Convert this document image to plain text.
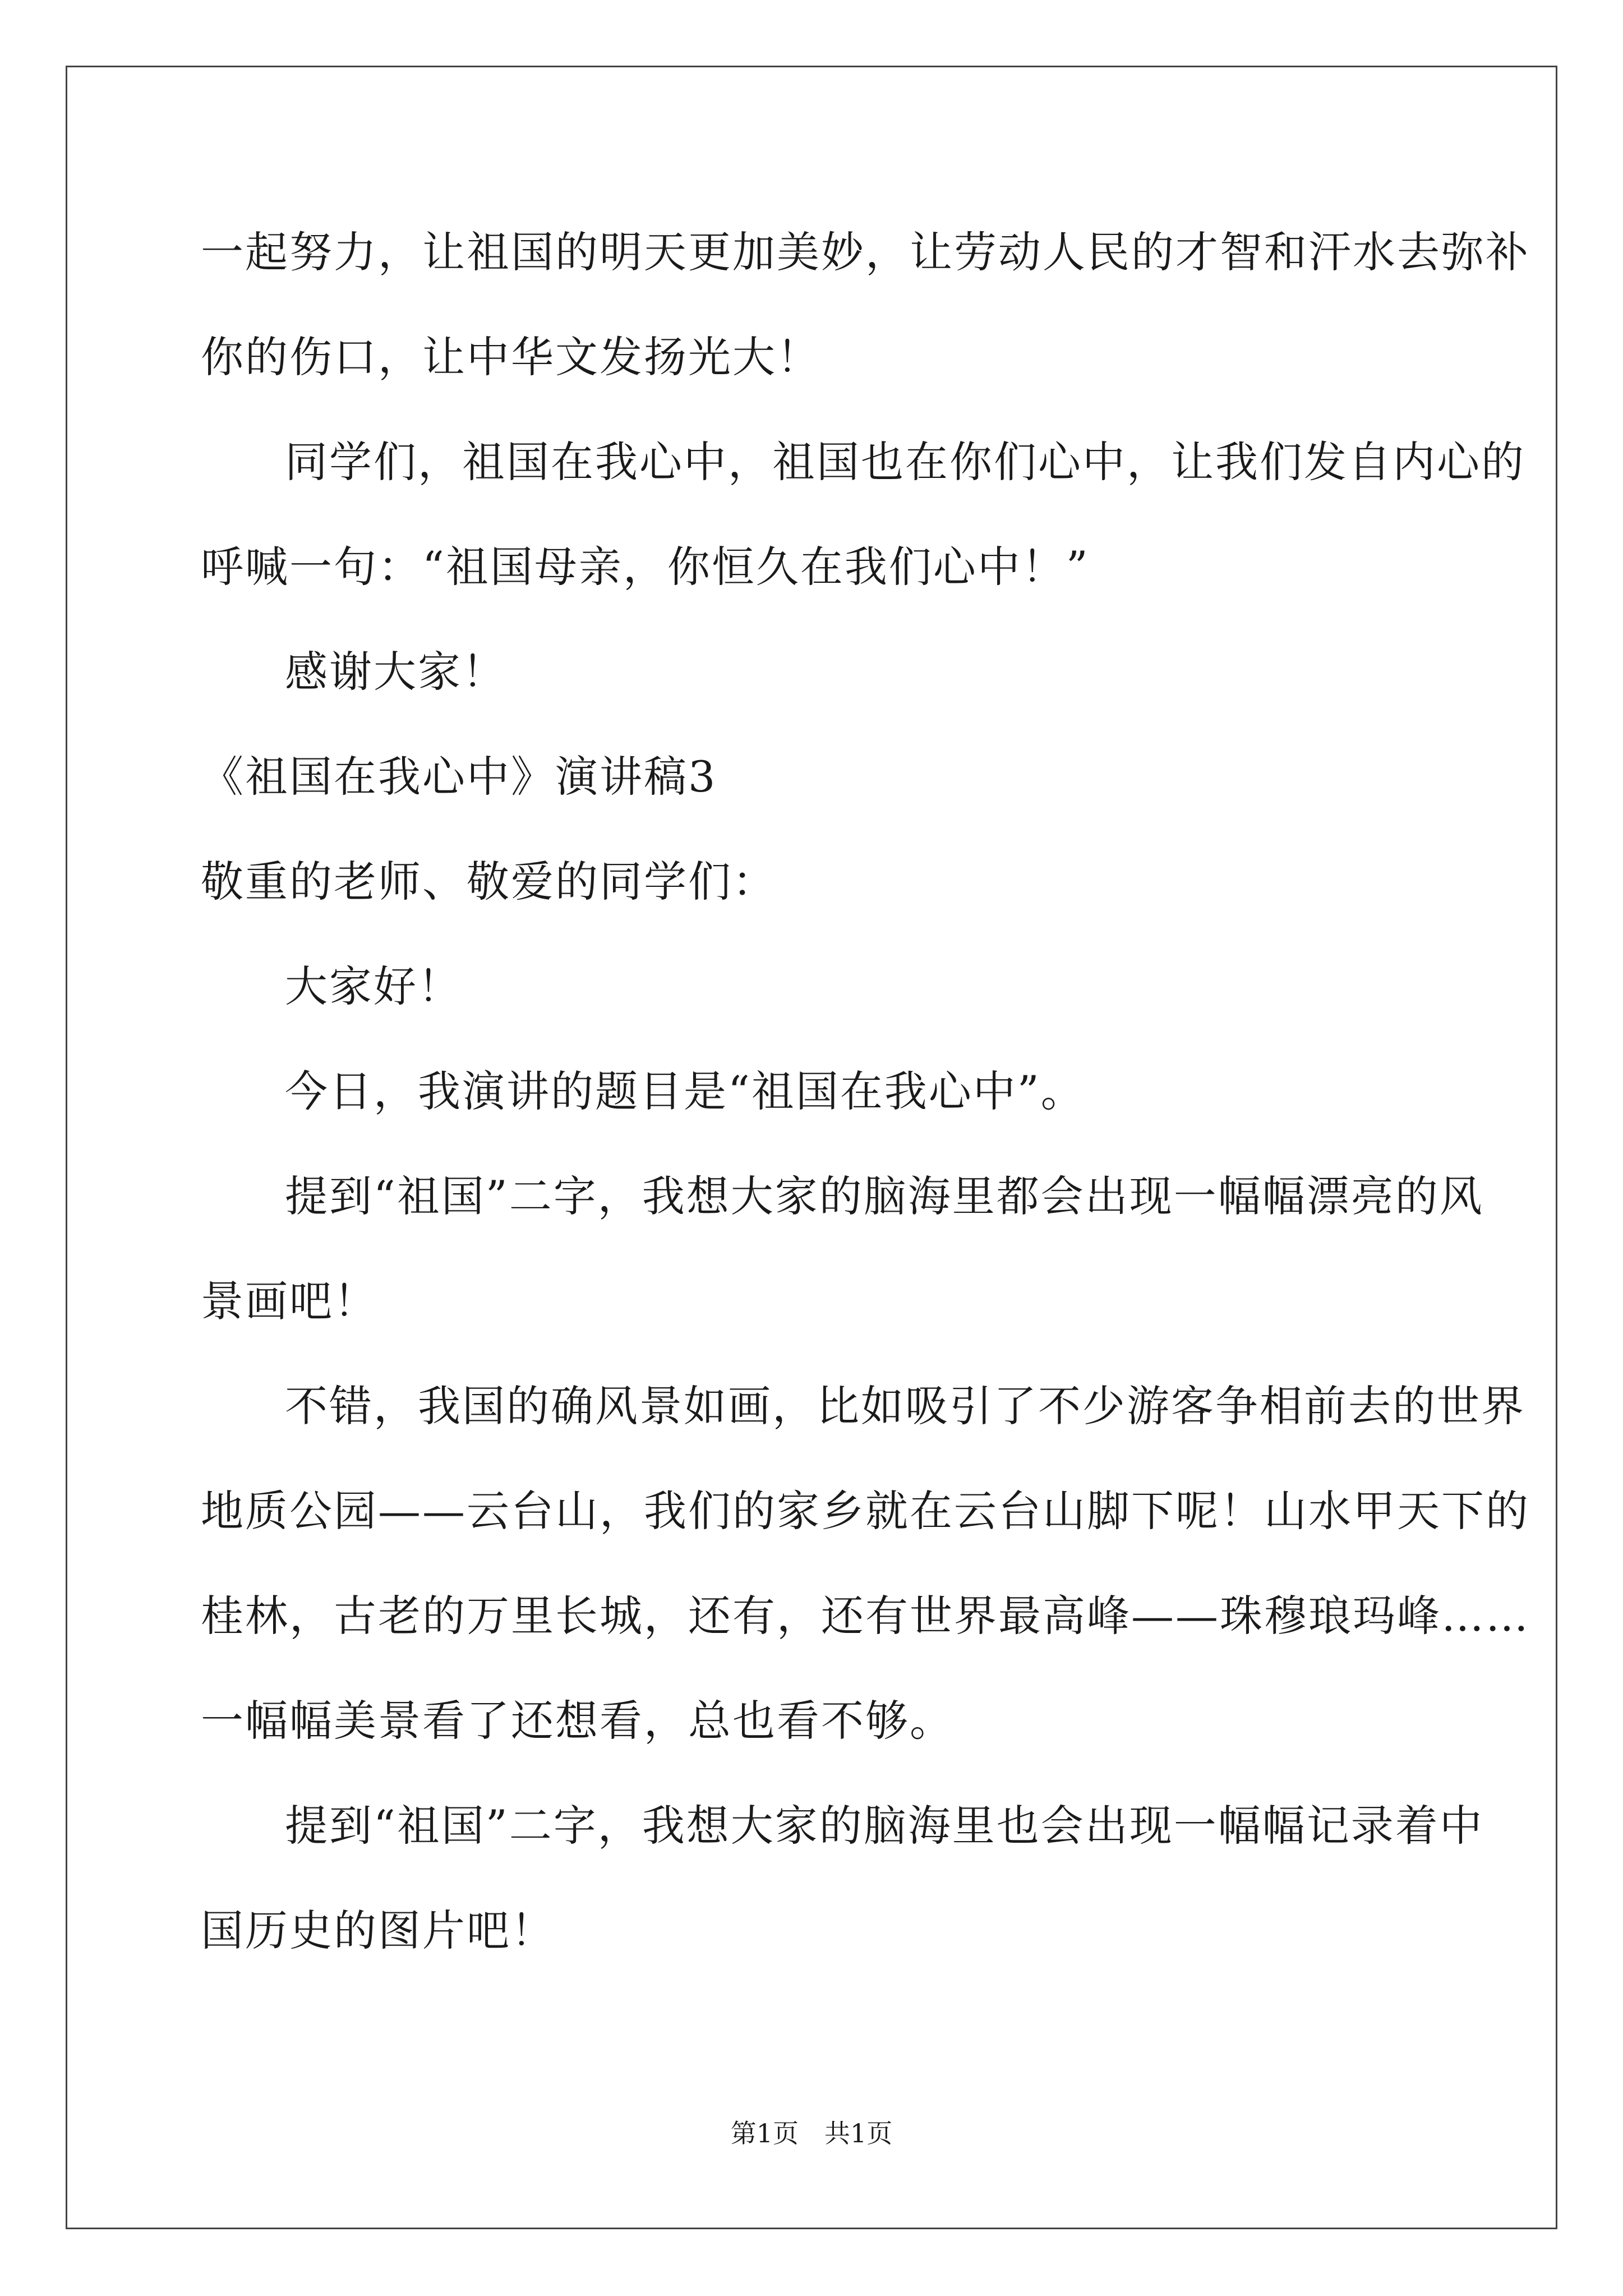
一起努力，让祖国的明天更加美妙，让劳动人民的才智和汗水去弥补
你的伤口，让中华文发扬光大！
同学们，祖国在我心中，祖国也在你们心中，让我们发自内心的
呼喊一句：“祖国母亲，你恒久在我们心中！”
感谢大家！
《祖国在我心中》演讲稿3
敬重的老师、敬爱的同学们：
大家好！
今日，我演讲的题目是“祖国在我心中”。
提到“祖国”二字，我想大家的脑海里都会出现一幅幅漂亮的风
景画吧！
不错，我国的确风景如画，比如吸引了不少游客争相前去的世界
地质公园——云台山，我们的家乡就在云台山脚下呢！山水甲天下的
桂林，古老的万里长城，还有，还有世界最高峰——珠穆琅玛峰……
一幅幅美景看了还想看，总也看不够。
提到“祖国”二字，我想大家的脑海里也会出现一幅幅记录着中
国历史的图片吧！
第1页　共1页
